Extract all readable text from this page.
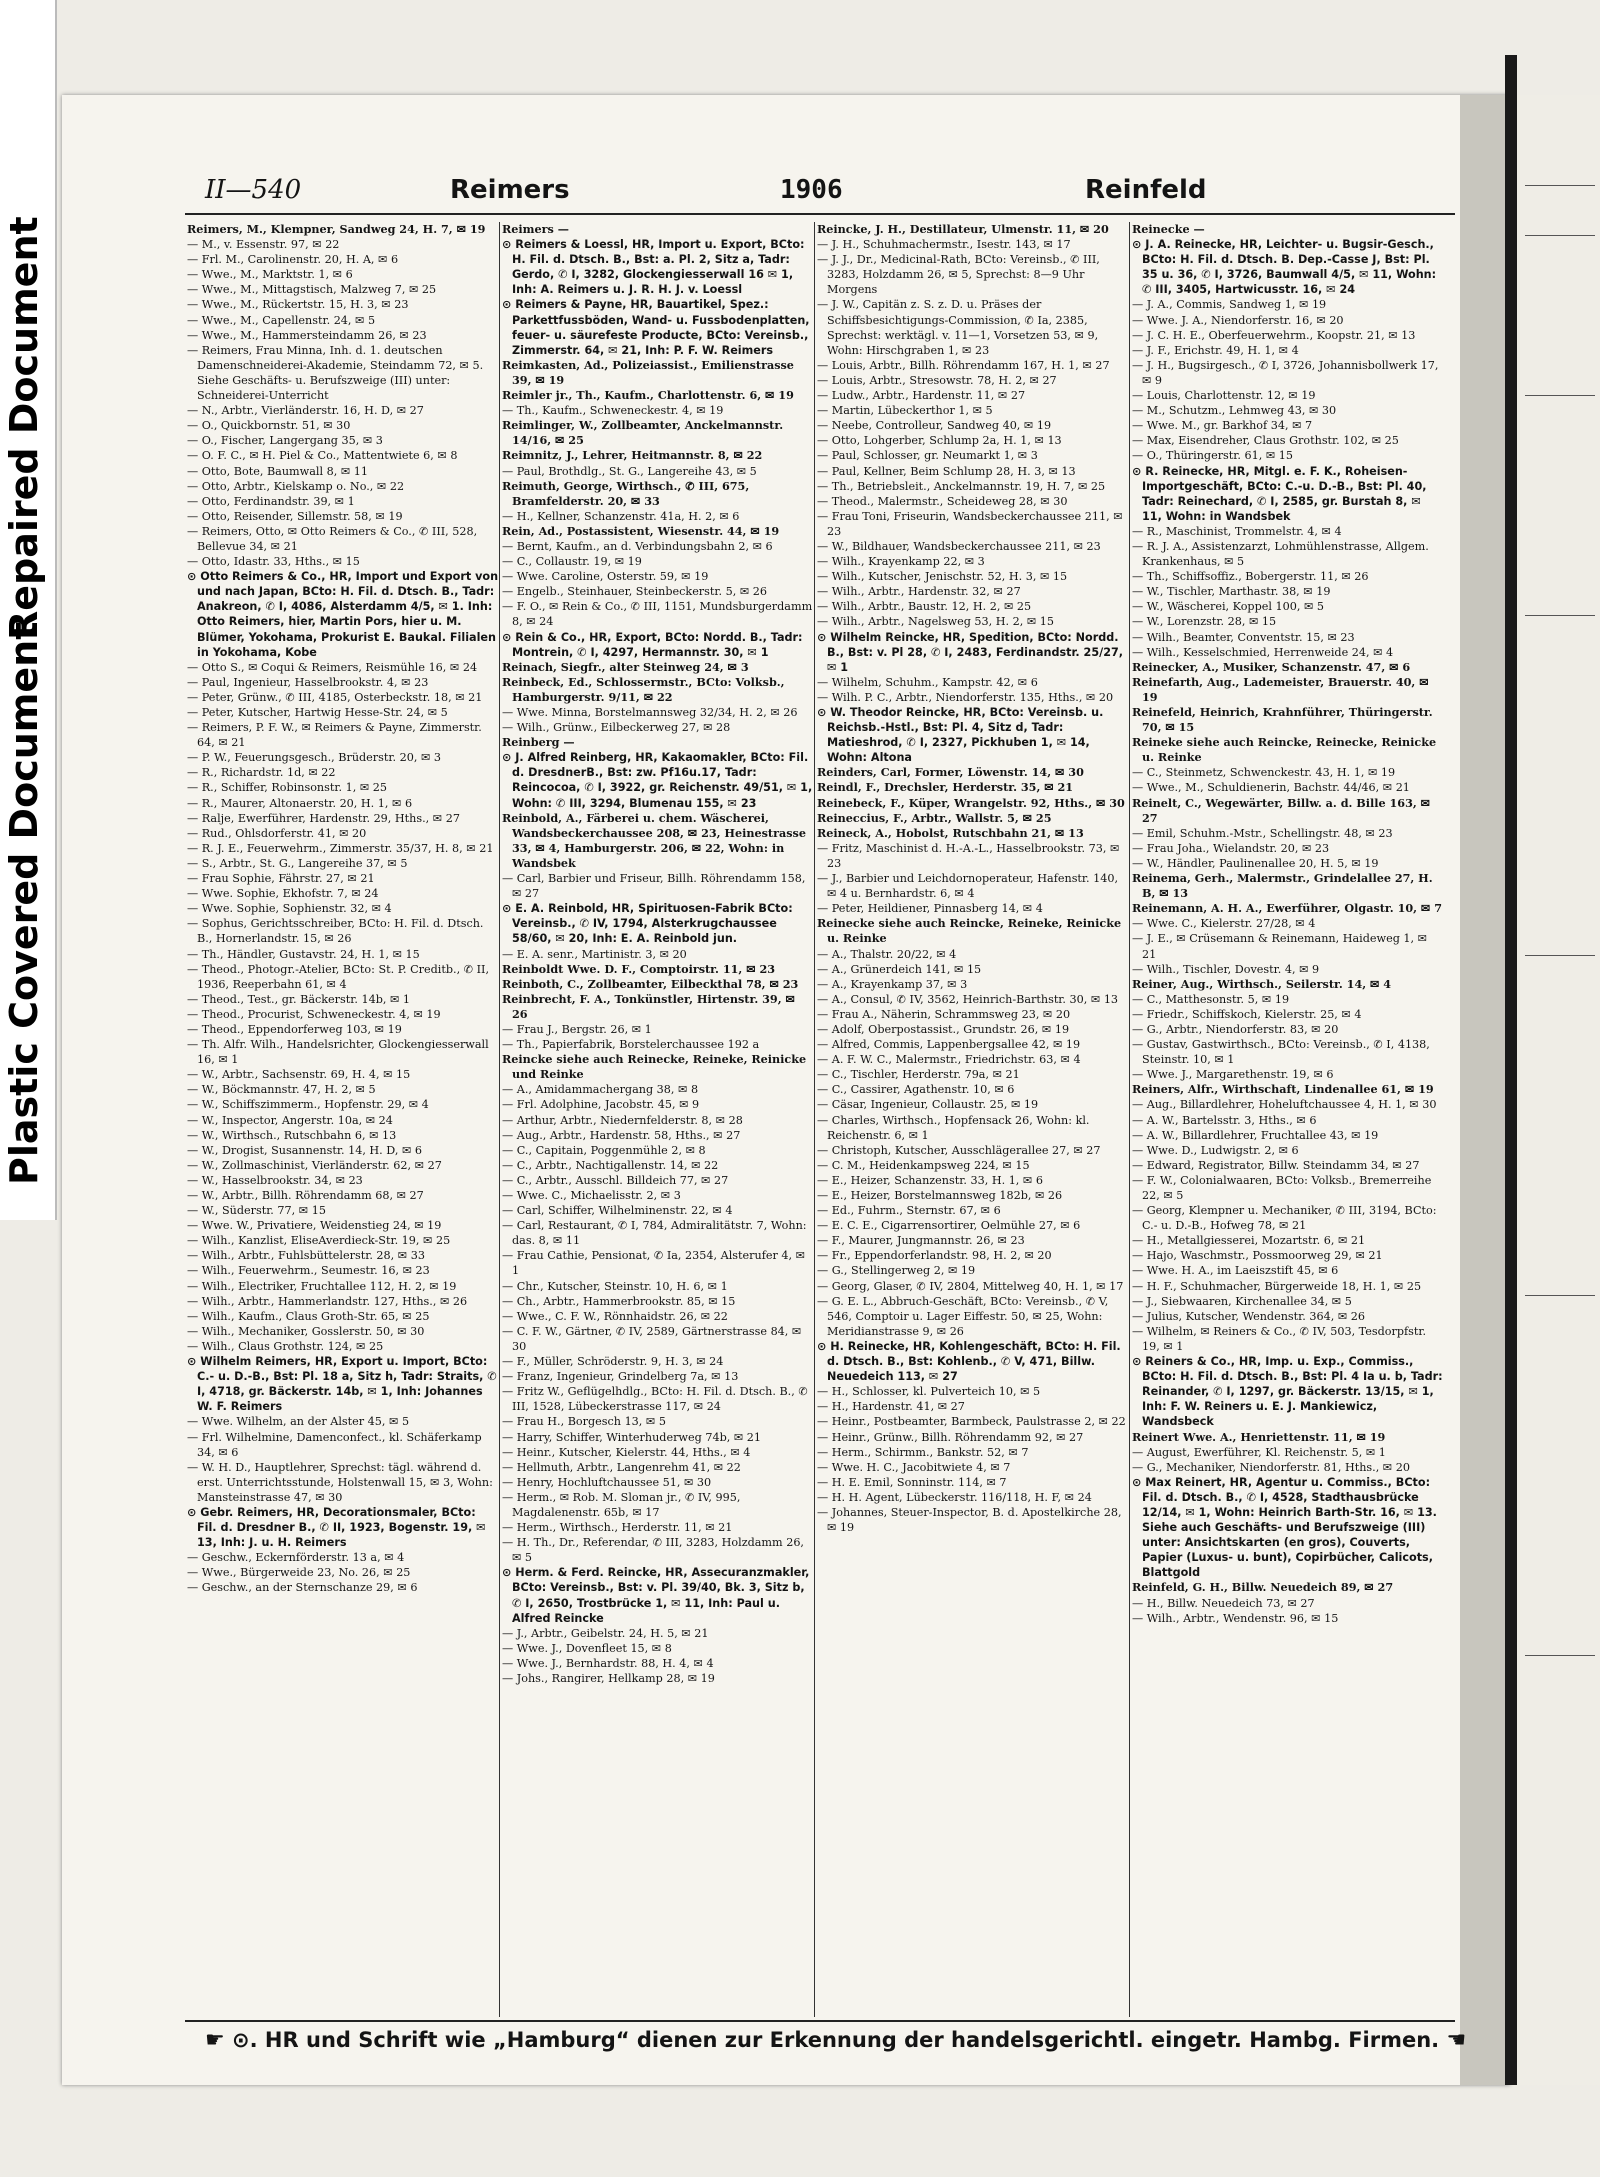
Repaired Document
Plastic Covered Document
II—540	Reimers	1906	Reinfeld

Reimers, M., Klempner, Sandweg 24, H. 7, ✉ 19

— M., v. Essenstr. 97, ✉ 22

— Frl. M., Carolinenstr. 20, H. A, ✉ 6

— Wwe., M., Marktstr. 1, ✉ 6

— Wwe., M., Mittagstisch, Malzweg 7, ✉ 25

— Wwe., M., Rückertstr. 15, H. 3, ✉ 23

— Wwe., M., Capellenstr. 24, ✉ 5

— Wwe., M., Hammersteindamm 26, ✉ 23

— Reimers, Frau Minna, Inh. d. 1. deutschen Damenschneiderei-Akademie, Steindamm 72, ✉ 5. Siehe Geschäfts- u. Berufszweige (III) unter: Schneiderei-Unterricht

— N., Arbtr., Vierländerstr. 16, H. D, ✉ 27

— O., Quickbornstr. 51, ✉ 30

— O., Fischer, Langergang 35, ✉ 3

— O. F. C., ✉ H. Piel & Co., Mattentwiete 6, ✉ 8

— Otto, Bote, Baumwall 8, ✉ 11

— Otto, Arbtr., Kielskamp o. No., ✉ 22

— Otto, Ferdinandstr. 39, ✉ 1

— Otto, Reisender, Sillemstr. 58, ✉ 19

— Reimers, Otto, ✉ Otto Reimers & Co., ✆ III, 528, Bellevue 34, ✉ 21

— Otto, Idastr. 33, Hths., ✉ 15

⊙ Otto Reimers & Co., HR, Import und Export von und nach Japan, BCto: H. Fil. d. Dtsch. B., Tadr: Anakreon, ✆ I, 4086, Alsterdamm 4/5, ✉ 1. Inh: Otto Reimers, hier, Martin Pors, hier u. M. Blümer, Yokohama, Prokurist E. Baukal. Filialen in Yokohama, Kobe

— Otto S., ✉ Coqui & Reimers, Reismühle 16, ✉ 24

— Paul, Ingenieur, Hasselbrookstr. 4, ✉ 23

— Peter, Grünw., ✆ III, 4185, Osterbeckstr. 18, ✉ 21

— Peter, Kutscher, Hartwig Hesse-Str. 24, ✉ 5

— Reimers, P. F. W., ✉ Reimers & Payne, Zimmerstr. 64, ✉ 21

— P. W., Feuerungsgesch., Brüderstr. 20, ✉ 3

— R., Richardstr. 1d, ✉ 22

— R., Schiffer, Robinsonstr. 1, ✉ 25

— R., Maurer, Altonaerstr. 20, H. 1, ✉ 6

— Ralje, Ewerführer, Hardenstr. 29, Hths., ✉ 27

— Rud., Ohlsdorferstr. 41, ✉ 20

— R. J. E., Feuerwehrm., Zimmerstr. 35/37, H. 8, ✉ 21

— S., Arbtr., St. G., Langereihe 37, ✉ 5

— Frau Sophie, Fährstr. 27, ✉ 21

— Wwe. Sophie, Ekhofstr. 7, ✉ 24

— Wwe. Sophie, Sophienstr. 32, ✉ 4

— Sophus, Gerichtsschreiber, BCto: H. Fil. d. Dtsch. B., Hornerlandstr. 15, ✉ 26

— Th., Händler, Gustavstr. 24, H. 1, ✉ 15

— Theod., Photogr.-Atelier, BCto: St. P. Creditb., ✆ II, 1936, Reeperbahn 61, ✉ 4

— Theod., Test., gr. Bäckerstr. 14b, ✉ 1

— Theod., Procurist, Schweneckestr. 4, ✉ 19

— Theod., Eppendorferweg 103, ✉ 19

— Th. Alfr. Wilh., Handelsrichter, Glockengiesserwall 16, ✉ 1

— W., Arbtr., Sachsenstr. 69, H. 4, ✉ 15

— W., Böckmannstr. 47, H. 2, ✉ 5

— W., Schiffszimmerm., Hopfenstr. 29, ✉ 4

— W., Inspector, Angerstr. 10a, ✉ 24

— W., Wirthsch., Rutschbahn 6, ✉ 13

— W., Drogist, Susannenstr. 14, H. D, ✉ 6

— W., Zollmaschinist, Vierländerstr. 62, ✉ 27

— W., Hasselbrookstr. 34, ✉ 23

— W., Arbtr., Billh. Röhrendamm 68, ✉ 27

— W., Süderstr. 77, ✉ 15

— Wwe. W., Privatiere, Weidenstieg 24, ✉ 19

— Wilh., Kanzlist, EliseAverdieck-Str. 19, ✉ 25

— Wilh., Arbtr., Fuhlsbüttelerstr. 28, ✉ 33

— Wilh., Feuerwehrm., Seumestr. 16, ✉ 23

— Wilh., Electriker, Fruchtallee 112, H. 2, ✉ 19

— Wilh., Arbtr., Hammerlandstr. 127, Hths., ✉ 26

— Wilh., Kaufm., Claus Groth-Str. 65, ✉ 25

— Wilh., Mechaniker, Gosslerstr. 50, ✉ 30

— Wilh., Claus Grothstr. 124, ✉ 25

⊙ Wilhelm Reimers, HR, Export u. Import, BCto: C.- u. D.-B., Bst: Pl. 18 a, Sitz h, Tadr: Straits, ✆ I, 4718, gr. Bäckerstr. 14b, ✉ 1, Inh: Johannes W. F. Reimers

— Wwe. Wilhelm, an der Alster 45, ✉ 5

— Frl. Wilhelmine, Damenconfect., kl. Schäferkamp 34, ✉ 6

— W. H. D., Hauptlehrer, Sprechst: tägl. während d. erst. Unterrichtsstunde, Holstenwall 15, ✉ 3, Wohn: Mansteinstrasse 47, ✉ 30

⊙ Gebr. Reimers, HR, Decorationsmaler, BCto: Fil. d. Dresdner B., ✆ II, 1923, Bogenstr. 19, ✉ 13, Inh: J. u. H. Reimers

— Geschw., Eckernförderstr. 13 a, ✉ 4

— Wwe., Bürgerweide 23, No. 26, ✉ 25

— Geschw., an der Sternschanze 29, ✉ 6

Reimers —

⊙ Reimers & Loessl, HR, Import u. Export, BCto: H. Fil. d. Dtsch. B., Bst: a. Pl. 2, Sitz a, Tadr: Gerdo, ✆ I, 3282, Glockengiesserwall 16 ✉ 1, Inh: A. Reimers u. J. R. H. J. v. Loessl

⊙ Reimers & Payne, HR, Bauartikel, Spez.: Parkettfussböden, Wand- u. Fussbodenplatten, feuer- u. säurefeste Producte, BCto: Vereinsb., Zimmerstr. 64, ✉ 21, Inh: P. F. W. Reimers

Reimkasten, Ad., Polizeiassist., Emilienstrasse 39, ✉ 19

Reimler jr., Th., Kaufm., Charlottenstr. 6, ✉ 19

— Th., Kaufm., Schweneckestr. 4, ✉ 19

Reimlinger, W., Zollbeamter, Anckelmannstr. 14/16, ✉ 25

Reimnitz, J., Lehrer, Heitmannstr. 8, ✉ 22

— Paul, Brothdlg., St. G., Langereihe 43, ✉ 5

Reimuth, George, Wirthsch., ✆ III, 675, Bramfelderstr. 20, ✉ 33

— H., Kellner, Schanzenstr. 41a, H. 2, ✉ 6

Rein, Ad., Postassistent, Wiesenstr. 44, ✉ 19

— Bernt, Kaufm., an d. Verbindungsbahn 2, ✉ 6

— C., Collaustr. 19, ✉ 19

— Wwe. Caroline, Osterstr. 59, ✉ 19

— Engelb., Steinhauer, Steinbeckerstr. 5, ✉ 26

— F. O., ✉ Rein & Co., ✆ III, 1151, Mundsburgerdamm 8, ✉ 24

⊙ Rein & Co., HR, Export, BCto: Nordd. B., Tadr: Montrein, ✆ I, 4297, Hermannstr. 30, ✉ 1

Reinach, Siegfr., alter Steinweg 24, ✉ 3

Reinbeck, Ed., Schlossermstr., BCto: Volksb., Hamburgerstr. 9/11, ✉ 22

— Wwe. Minna, Borstelmannsweg 32/34, H. 2, ✉ 26

— Wilh., Grünw., Eilbeckerweg 27, ✉ 28

Reinberg —

⊙ J. Alfred Reinberg, HR, Kakaomakler, BCto: Fil. d. DresdnerB., Bst: zw. Pf16u.17, Tadr: Reincocoa, ✆ I, 3922, gr. Reichenstr. 49/51, ✉ 1, Wohn: ✆ III, 3294, Blumenau 155, ✉ 23

Reinbold, A., Färberei u. chem. Wäscherei, Wandsbeckerchaussee 208, ✉ 23, Heinestrasse 33, ✉ 4, Hamburgerstr. 206, ✉ 22, Wohn: in Wandsbek

— Carl, Barbier und Friseur, Billh. Röhrendamm 158, ✉ 27

⊙ E. A. Reinbold, HR, Spirituosen-Fabrik BCto: Vereinsb., ✆ IV, 1794, Alsterkrugchaussee 58/60, ✉ 20, Inh: E. A. Reinbold jun.

— E. A. senr., Martinistr. 3, ✉ 20

Reinboldt Wwe. D. F., Comptoirstr. 11, ✉ 23

Reinboth, C., Zollbeamter, Eilbeckthal 78, ✉ 23

Reinbrecht, F. A., Tonkünstler, Hirtenstr. 39, ✉ 26

— Frau J., Bergstr. 26, ✉ 1

— Th., Papierfabrik, Borstelerchaussee 192 a

Reincke siehe auch Reinecke, Reineke, Reinicke und Reinke

— A., Amidammachergang 38, ✉ 8

— Frl. Adolphine, Jacobstr. 45, ✉ 9

— Arthur, Arbtr., Niedernfelderstr. 8, ✉ 28

— Aug., Arbtr., Hardenstr. 58, Hths., ✉ 27

— C., Capitain, Poggenmühle 2, ✉ 8

— C., Arbtr., Nachtigallenstr. 14, ✉ 22

— C., Arbtr., Ausschl. Billdeich 77, ✉ 27

— Wwe. C., Michaelisstr. 2, ✉ 3

— Carl, Schiffer, Wilhelminenstr. 22, ✉ 4

— Carl, Restaurant, ✆ I, 784, Admiralitätstr. 7, Wohn: das. 8, ✉ 11

— Frau Cathie, Pensionat, ✆ Ia, 2354, Alsterufer 4, ✉ 1

— Chr., Kutscher, Steinstr. 10, H. 6, ✉ 1

— Ch., Arbtr., Hammerbrookstr. 85, ✉ 15

— Wwe., C. F. W., Rönnhaidstr. 26, ✉ 22

— C. F. W., Gärtner, ✆ IV, 2589, Gärtnerstrasse 84, ✉ 30

— F., Müller, Schröderstr. 9, H. 3, ✉ 24

— Franz, Ingenieur, Grindelberg 7a, ✉ 13

— Fritz W., Geflügelhdlg., BCto: H. Fil. d. Dtsch. B., ✆ III, 1528, Lübeckerstrasse 117, ✉ 24

— Frau H., Borgesch 13, ✉ 5

— Harry, Schiffer, Winterhuderweg 74b, ✉ 21

— Heinr., Kutscher, Kielerstr. 44, Hths., ✉ 4

— Hellmuth, Arbtr., Langenrehm 41, ✉ 22

— Henry, Hochluftchaussee 51, ✉ 30

— Herm., ✉ Rob. M. Sloman jr., ✆ IV, 995, Magdalenenstr. 65b, ✉ 17

— Herm., Wirthsch., Herderstr. 11, ✉ 21

— H. Th., Dr., Referendar, ✆ III, 3283, Holzdamm 26, ✉ 5

⊙ Herm. & Ferd. Reincke, HR, Assecuranzmakler, BCto: Vereinsb., Bst: v. Pl. 39/40, Bk. 3, Sitz b, ✆ I, 2650, Trostbrücke 1, ✉ 11, Inh: Paul u. Alfred Reincke

— J., Arbtr., Geibelstr. 24, H. 5, ✉ 21

— Wwe. J., Dovenfleet 15, ✉ 8

— Wwe. J., Bernhardstr. 88, H. 4, ✉ 4

— Johs., Rangirer, Hellkamp 28, ✉ 19

Reincke, J. H., Destillateur, Ulmenstr. 11, ✉ 20

— J. H., Schuhmachermstr., Isestr. 143, ✉ 17

— J. J., Dr., Medicinal-Rath, BCto: Vereinsb., ✆ III, 3283, Holzdamm 26, ✉ 5, Sprechst: 8—9 Uhr Morgens

— J. W., Capitän z. S. z. D. u. Präses der Schiffsbesichtigungs-Commission, ✆ Ia, 2385, Sprechst: werktägl. v. 11—1, Vorsetzen 53, ✉ 9, Wohn: Hirschgraben 1, ✉ 23

— Louis, Arbtr., Billh. Röhrendamm 167, H. 1, ✉ 27

— Louis, Arbtr., Stresowstr. 78, H. 2, ✉ 27

— Ludw., Arbtr., Hardenstr. 11, ✉ 27

— Martin, Lübeckerthor 1, ✉ 5

— Neebe, Controlleur, Sandweg 40, ✉ 19

— Otto, Lohgerber, Schlump 2a, H. 1, ✉ 13

— Paul, Schlosser, gr. Neumarkt 1, ✉ 3

— Paul, Kellner, Beim Schlump 28, H. 3, ✉ 13

— Th., Betriebsleit., Anckelmannstr. 19, H. 7, ✉ 25

— Theod., Malermstr., Scheideweg 28, ✉ 30

— Frau Toni, Friseurin, Wandsbeckerchaussee 211, ✉ 23

— W., Bildhauer, Wandsbeckerchaussee 211, ✉ 23

— Wilh., Krayenkamp 22, ✉ 3

— Wilh., Kutscher, Jenischstr. 52, H. 3, ✉ 15

— Wilh., Arbtr., Hardenstr. 32, ✉ 27

— Wilh., Arbtr., Baustr. 12, H. 2, ✉ 25

— Wilh., Arbtr., Nagelsweg 53, H. 2, ✉ 15

⊙ Wilhelm Reincke, HR, Spedition, BCto: Nordd. B., Bst: v. Pl 28, ✆ I, 2483, Ferdinandstr. 25/27, ✉ 1

— Wilhelm, Schuhm., Kampstr. 42, ✉ 6

— Wilh. P. C., Arbtr., Niendorferstr. 135, Hths., ✉ 20

⊙ W. Theodor Reincke, HR, BCto: Vereinsb. u. Reichsb.-Hstl., Bst: Pl. 4, Sitz d, Tadr: Matieshrod, ✆ I, 2327, Pickhuben 1, ✉ 14, Wohn: Altona

Reinders, Carl, Former, Löwenstr. 14, ✉ 30

Reindl, F., Drechsler, Herderstr. 35, ✉ 21

Reinebeck, F., Küper, Wrangelstr. 92, Hths., ✉ 30

Reineccius, F., Arbtr., Wallstr. 5, ✉ 25

Reineck, A., Hobolst, Rutschbahn 21, ✉ 13

— Fritz, Maschinist d. H.-A.-L., Hasselbrookstr. 73, ✉ 23

— J., Barbier und Leichdornoperateur, Hafenstr. 140, ✉ 4 u. Bernhardstr. 6, ✉ 4

— Peter, Heildiener, Pinnasberg 14, ✉ 4

Reinecke siehe auch Reincke, Reineke, Reinicke u. Reinke

— A., Thalstr. 20/22, ✉ 4

— A., Grünerdeich 141, ✉ 15

— A., Krayenkamp 37, ✉ 3

— A., Consul, ✆ IV, 3562, Heinrich-Barthstr. 30, ✉ 13

— Frau A., Näherin, Schrammsweg 23, ✉ 20

— Adolf, Oberpostassist., Grundstr. 26, ✉ 19

— Alfred, Commis, Lappenbergsallee 42, ✉ 19

— A. F. W. C., Malermstr., Friedrichstr. 63, ✉ 4

— C., Tischler, Herderstr. 79a, ✉ 21

— C., Cassirer, Agathenstr. 10, ✉ 6

— Cäsar, Ingenieur, Collaustr. 25, ✉ 19

— Charles, Wirthsch., Hopfensack 26, Wohn: kl. Reichenstr. 6, ✉ 1

— Christoph, Kutscher, Ausschlägerallee 27, ✉ 27

— C. M., Heidenkampsweg 224, ✉ 15

— E., Heizer, Schanzenstr. 33, H. 1, ✉ 6

— E., Heizer, Borstelmannsweg 182b, ✉ 26

— Ed., Fuhrm., Sternstr. 67, ✉ 6

— E. C. E., Cigarrensortirer, Oelmühle 27, ✉ 6

— F., Maurer, Jungmannstr. 26, ✉ 23

— Fr., Eppendorferlandstr. 98, H. 2, ✉ 20

— G., Stellingerweg 2, ✉ 19

— Georg, Glaser, ✆ IV, 2804, Mittelweg 40, H. 1, ✉ 17

— G. E. L., Abbruch-Geschäft, BCto: Vereinsb., ✆ V, 546, Comptoir u. Lager Eiffestr. 50, ✉ 25, Wohn: Meridianstrasse 9, ✉ 26

⊙ H. Reinecke, HR, Kohlengeschäft, BCto: H. Fil. d. Dtsch. B., Bst: Kohlenb., ✆ V, 471, Billw. Neuedeich 113, ✉ 27

— H., Schlosser, kl. Pulverteich 10, ✉ 5

— H., Hardenstr. 41, ✉ 27

— Heinr., Postbeamter, Barmbeck, Paulstrasse 2, ✉ 22

— Heinr., Grünw., Billh. Röhrendamm 92, ✉ 27

— Herm., Schirmm., Bankstr. 52, ✉ 7

— Wwe. H. C., Jacobitwiete 4, ✉ 7

— H. E. Emil, Sonninstr. 114, ✉ 7

— H. H. Agent, Lübeckerstr. 116/118, H. F, ✉ 24

— Johannes, Steuer-Inspector, B. d. Apostelkirche 28, ✉ 19

Reinecke —

⊙ J. A. Reinecke, HR, Leichter- u. Bugsir-Gesch., BCto: H. Fil. d. Dtsch. B. Dep.-Casse J, Bst: Pl. 35 u. 36, ✆ I, 3726, Baumwall 4/5, ✉ 11, Wohn: ✆ III, 3405, Hartwicusstr. 16, ✉ 24

— J. A., Commis, Sandweg 1, ✉ 19

— Wwe. J. A., Niendorferstr. 16, ✉ 20

— J. C. H. E., Oberfeuerwehrm., Koopstr. 21, ✉ 13

— J. F., Erichstr. 49, H. 1, ✉ 4

— J. H., Bugsirgesch., ✆ I, 3726, Johannisbollwerk 17, ✉ 9

— Louis, Charlottenstr. 12, ✉ 19

— M., Schutzm., Lehmweg 43, ✉ 30

— Wwe. M., gr. Barkhof 34, ✉ 7

— Max, Eisendreher, Claus Grothstr. 102, ✉ 25

— O., Thüringerstr. 61, ✉ 15

⊙ R. Reinecke, HR, Mitgl. e. F. K., Roheisen-Importgeschäft, BCto: C.-u. D.-B., Bst: Pl. 40, Tadr: Reinechard, ✆ I, 2585, gr. Burstah 8, ✉ 11, Wohn: in Wandsbek

— R., Maschinist, Trommelstr. 4, ✉ 4

— R. J. A., Assistenzarzt, Lohmühlenstrasse, Allgem. Krankenhaus, ✉ 5

— Th., Schiffsoffiz., Bobergerstr. 11, ✉ 26

— W., Tischler, Marthastr. 38, ✉ 19

— W., Wäscherei, Koppel 100, ✉ 5

— W., Lorenzstr. 28, ✉ 15

— Wilh., Beamter, Conventstr. 15, ✉ 23

— Wilh., Kesselschmied, Herrenweide 24, ✉ 4

Reinecker, A., Musiker, Schanzenstr. 47, ✉ 6

Reinefarth, Aug., Lademeister, Brauerstr. 40, ✉ 19

Reinefeld, Heinrich, Krahnführer, Thüringerstr. 70, ✉ 15

Reineke siehe auch Reincke, Reinecke, Reinicke u. Reinke

— C., Steinmetz, Schwenckestr. 43, H. 1, ✉ 19

— Wwe., M., Schuldienerin, Bachstr. 44/46, ✉ 21

Reinelt, C., Wegewärter, Billw. a. d. Bille 163, ✉ 27

— Emil, Schuhm.-Mstr., Schellingstr. 48, ✉ 23

— Frau Joha., Wielandstr. 20, ✉ 23

— W., Händler, Paulinenallee 20, H. 5, ✉ 19

Reinema, Gerh., Malermstr., Grindelallee 27, H. B, ✉ 13

Reinemann, A. H. A., Ewerführer, Olgastr. 10, ✉ 7

— Wwe. C., Kielerstr. 27/28, ✉ 4

— J. E., ✉ Crüsemann & Reinemann, Haideweg 1, ✉ 21

— Wilh., Tischler, Dovestr. 4, ✉ 9

Reiner, Aug., Wirthsch., Seilerstr. 14, ✉ 4

— C., Matthesonstr. 5, ✉ 19

— Friedr., Schiffskoch, Kielerstr. 25, ✉ 4

— G., Arbtr., Niendorferstr. 83, ✉ 20

— Gustav, Gastwirthsch., BCto: Vereinsb., ✆ I, 4138, Steinstr. 10, ✉ 1

— Wwe. J., Margarethenstr. 19, ✉ 6

Reiners, Alfr., Wirthschaft, Lindenallee 61, ✉ 19

— Aug., Billardlehrer, Hoheluftchaussee 4, H. 1, ✉ 30

— A. W., Bartelsstr. 3, Hths., ✉ 6

— A. W., Billardlehrer, Fruchtallee 43, ✉ 19

— Wwe. D., Ludwigstr. 2, ✉ 6

— Edward, Registrator, Billw. Steindamm 34, ✉ 27

— F. W., Colonialwaaren, BCto: Volksb., Bremerreihe 22, ✉ 5

— Georg, Klempner u. Mechaniker, ✆ III, 3194, BCto: C.- u. D.-B., Hofweg 78, ✉ 21

— H., Metallgiesserei, Mozartstr. 6, ✉ 21

— Hajo, Waschmstr., Possmoorweg 29, ✉ 21

— Wwe. H. A., im Laeiszstift 45, ✉ 6

— H. F., Schuhmacher, Bürgerweide 18, H. 1, ✉ 25

— J., Siebwaaren, Kirchenallee 34, ✉ 5

— Julius, Kutscher, Wendenstr. 364, ✉ 26

— Wilhelm, ✉ Reiners & Co., ✆ IV, 503, Tesdorpfstr. 19, ✉ 1

⊙ Reiners & Co., HR, Imp. u. Exp., Commiss., BCto: H. Fil. d. Dtsch. B., Bst: Pl. 4 Ia u. b, Tadr: Reinander, ✆ I, 1297, gr. Bäckerstr. 13/15, ✉ 1, Inh: F. W. Reiners u. E. J. Mankiewicz, Wandsbeck

Reinert Wwe. A., Henriettenstr. 11, ✉ 19

— August, Ewerführer, Kl. Reichenstr. 5, ✉ 1

— G., Mechaniker, Niendorferstr. 81, Hths., ✉ 20

⊙ Max Reinert, HR, Agentur u. Commiss., BCto: Fil. d. Dtsch. B., ✆ I, 4528, Stadthausbrücke 12/14, ✉ 1, Wohn: Heinrich Barth-Str. 16, ✉ 13. Siehe auch Geschäfts- und Berufszweige (III) unter: Ansichtskarten (en gros), Couverts, Papier (Luxus- u. bunt), Copirbücher, Calicots, Blattgold

Reinfeld, G. H., Billw. Neuedeich 89, ✉ 27

— H., Billw. Neuedeich 73, ✉ 27

— Wilh., Arbtr., Wendenstr. 96, ✉ 15

☛ ⊙. HR und Schrift wie „Hamburg“ dienen zur Erkennung der handelsgerichtl. eingetr. Hambg. Firmen. ☚
